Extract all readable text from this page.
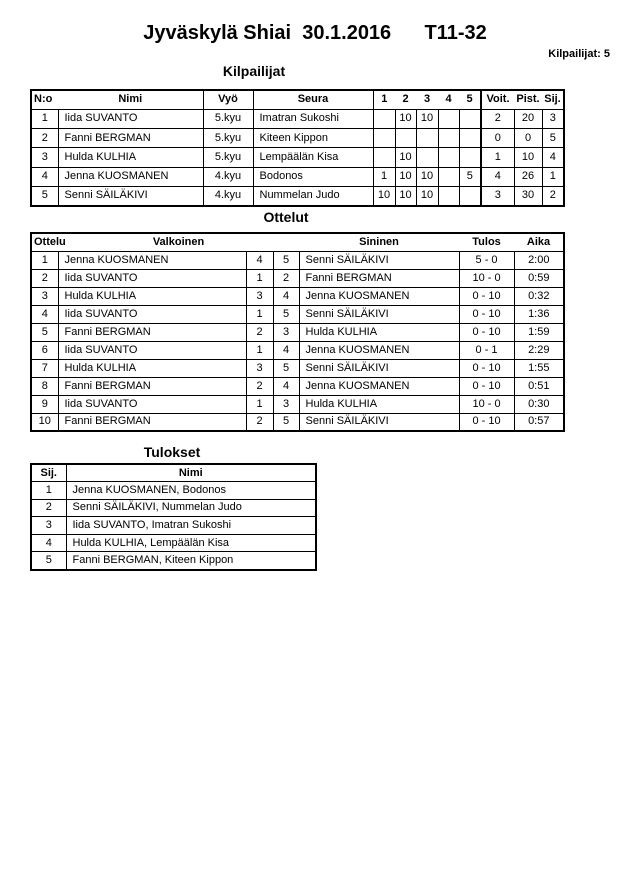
Jyväskylä Shiai  30.1.2016      T11-32
Kilpailijat: 5
Kilpailijat
N:o	Nimi	Vyö	Seura	1	2	3	4	5	Voit.	Pist.	Sij.
1	Iida SUVANTO	5.kyu	Imatran Sukoshi		10	10			2	20	3
2	Fanni BERGMAN	5.kyu	Kiteen Kippon						0	0	5
3	Hulda KULHIA	5.kyu	Lempäälän Kisa		10				1	10	4
4	Jenna KUOSMANEN	4.kyu	Bodonos	1	10	10		5	4	26	1
5	Senni SÄILÄKIVI	4.kyu	Nummelan Judo	10	10	10			3	30	2
Ottelut
Ottelu	Valkoinen			Sininen	Tulos	Aika
1	Jenna KUOSMANEN	4	5	Senni SÄILÄKIVI	5 - 0	2:00
2	Iida SUVANTO	1	2	Fanni BERGMAN	10 - 0	0:59
3	Hulda KULHIA	3	4	Jenna KUOSMANEN	0 - 10	0:32
4	Iida SUVANTO	1	5	Senni SÄILÄKIVI	0 - 10	1:36
5	Fanni BERGMAN	2	3	Hulda KULHIA	0 - 10	1:59
6	Iida SUVANTO	1	4	Jenna KUOSMANEN	0 - 1	2:29
7	Hulda KULHIA	3	5	Senni SÄILÄKIVI	0 - 10	1:55
8	Fanni BERGMAN	2	4	Jenna KUOSMANEN	0 - 10	0:51
9	Iida SUVANTO	1	3	Hulda KULHIA	10 - 0	0:30
10	Fanni BERGMAN	2	5	Senni SÄILÄKIVI	0 - 10	0:57
Tulokset
Sij.	Nimi
1	Jenna KUOSMANEN, Bodonos
2	Senni SÄILÄKIVI, Nummelan Judo
3	Iida SUVANTO, Imatran Sukoshi
4	Hulda KULHIA, Lempäälän Kisa
5	Fanni BERGMAN, Kiteen Kippon
